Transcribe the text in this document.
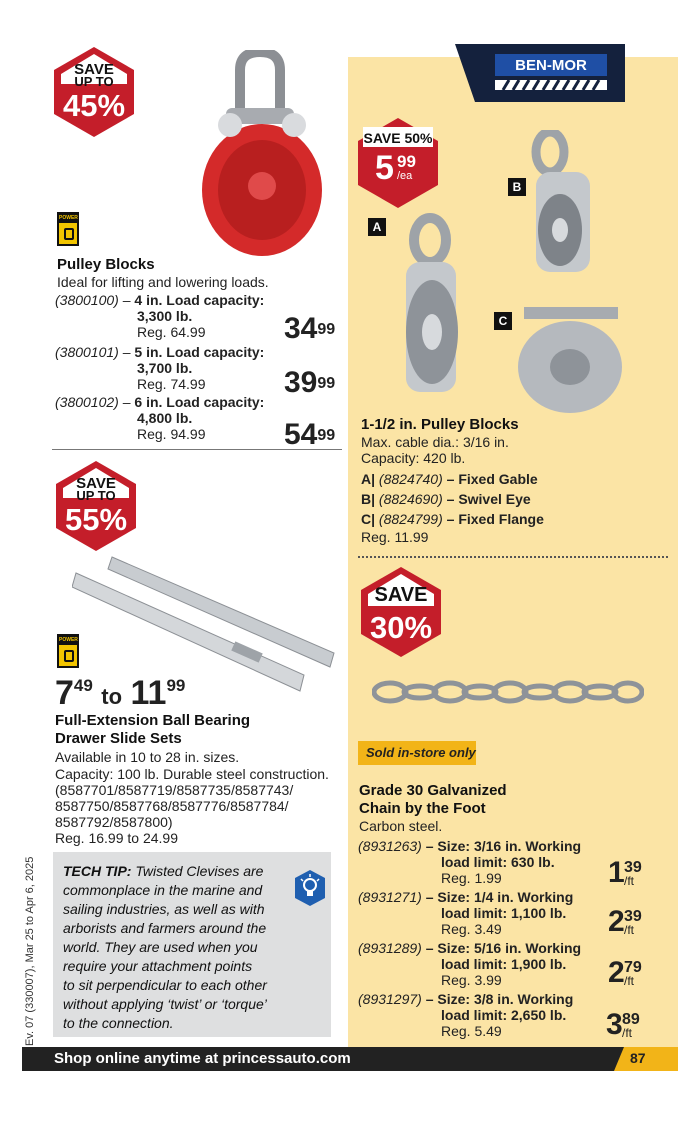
BEN-MOR
SAVE
UP TO
45%
POWER FIST
Pulley Blocks
Ideal for lifting and lowering loads.
(3800100) – 4 in. Load capacity:
3,300 lb.
Reg. 64.99	$34^{99}$
(3800101) – 5 in. Load capacity:
3,700 lb.
Reg. 74.99	$39^{99}$
(3800102) – 6 in. Load capacity:
4,800 lb.
Reg. 94.99	$54^{99}$
SAVE 50%
5 99
/ea
A
B
C
1-1/2 in. Pulley Blocks
Max. cable dia.: 3/16 in.
Capacity: 420 lb.
A| (8824740) – Fixed Gable
B| (8824690) – Swivel Eye
C| (8824799) – Fixed Flange
Reg. 11.99
SAVE
UP TO
55%
POWER FIST
749 to 1199
Full-Extension Ball Bearing
Drawer Slide Sets
Available in 10 to 28 in. sizes.
Capacity: 100 lb. Durable steel construction.
(8587701/8587719/8587735/8587743/
8587750/8587768/8587776/8587784/
8587792/8587800)
Reg. 16.99 to 24.99
Ev. 07 (330007), Mar 25 to Apr 6, 2025 TECH TIP: Twisted Clevises are
commonplace in the marine and
sailing industries, as well as with
arborists and farmers around the
world. They are used when you
require your attachment points
to sit perpendicular to each other
without applying ‘twist’ or ‘torque’
to the connection.
SAVE
30%
Sold in-store only
Grade 30 Galvanized
Chain by the Foot
Carbon steel.
(8931263) – Size: 3/16 in. Working
load limit: 630 lb.
Reg. 1.99	1 39
/ft
(8931271) – Size: 1/4 in. Working
load limit: 1,100 lb.
Reg. 3.49	2 39
/ft
(8931289) – Size: 5/16 in. Working
load limit: 1,900 lb.
Reg. 3.99	2 79
/ft
(8931297) – Size: 3/8 in. Working
load limit: 2,650 lb.
Reg. 5.49	3 89
/ft
Shop online anytime at princessauto.com	87
